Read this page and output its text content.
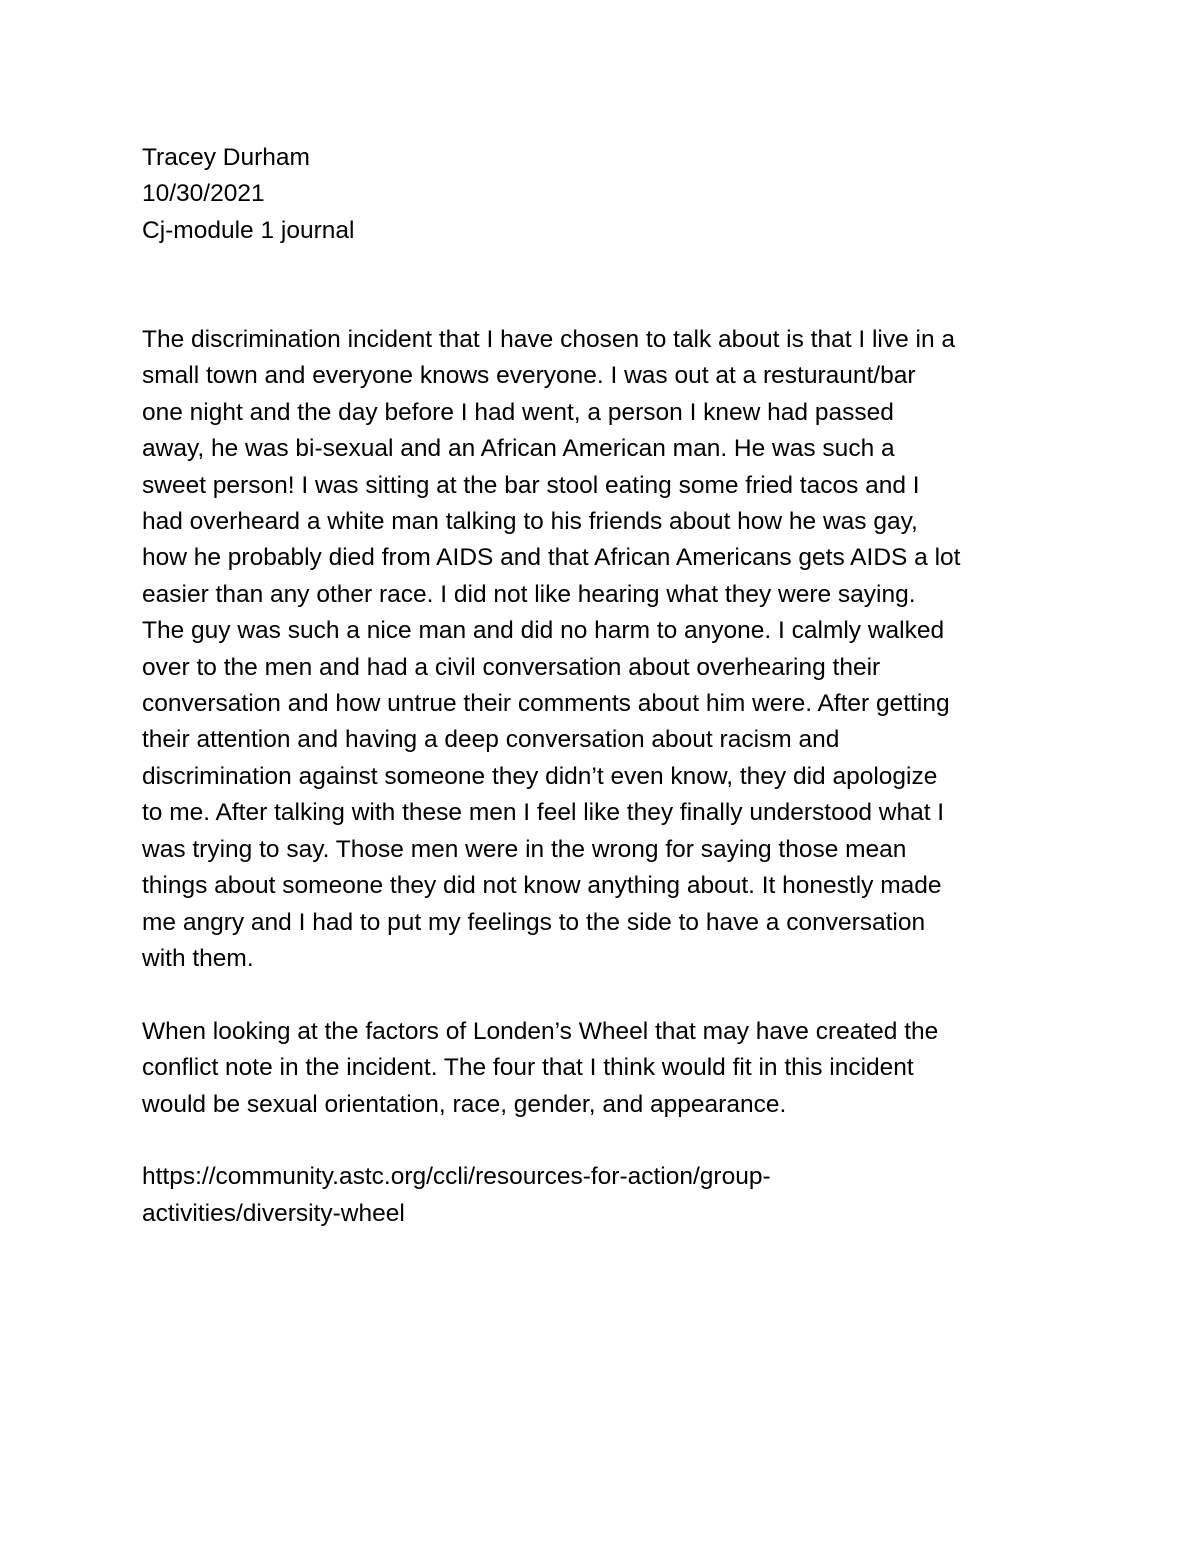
Tracey Durham
10/30/2021
Cj-module 1 journal
The discrimination incident that I have chosen to talk about is that I live in a
small town and everyone knows everyone. I was out at a resturaunt/bar
one night and the day before I had went, a person I knew had passed
away, he was bi-sexual and an African American man. He was such a
sweet person! I was sitting at the bar stool eating some fried tacos and I
had overheard a white man talking to his friends about how he was gay,
how he probably died from AIDS and that African Americans gets AIDS a lot
easier than any other race. I did not like hearing what they were saying.
The guy was such a nice man and did no harm to anyone. I calmly walked
over to the men and had a civil conversation about overhearing their
conversation and how untrue their comments about him were. After getting
their attention and having a deep conversation about racism and
discrimination against someone they didn’t even know, they did apologize
to me. After talking with these men I feel like they finally understood what I
was trying to say. Those men were in the wrong for saying those mean
things about someone they did not know anything about. It honestly made
me angry and I had to put my feelings to the side to have a conversation
with them.
When looking at the factors of Londen’s Wheel that may have created the
conflict note in the incident. The four that I think would fit in this incident
would be sexual orientation, race, gender, and appearance.
https://community.astc.org/ccli/resources-for-action/group-
activities/diversity-wheel
